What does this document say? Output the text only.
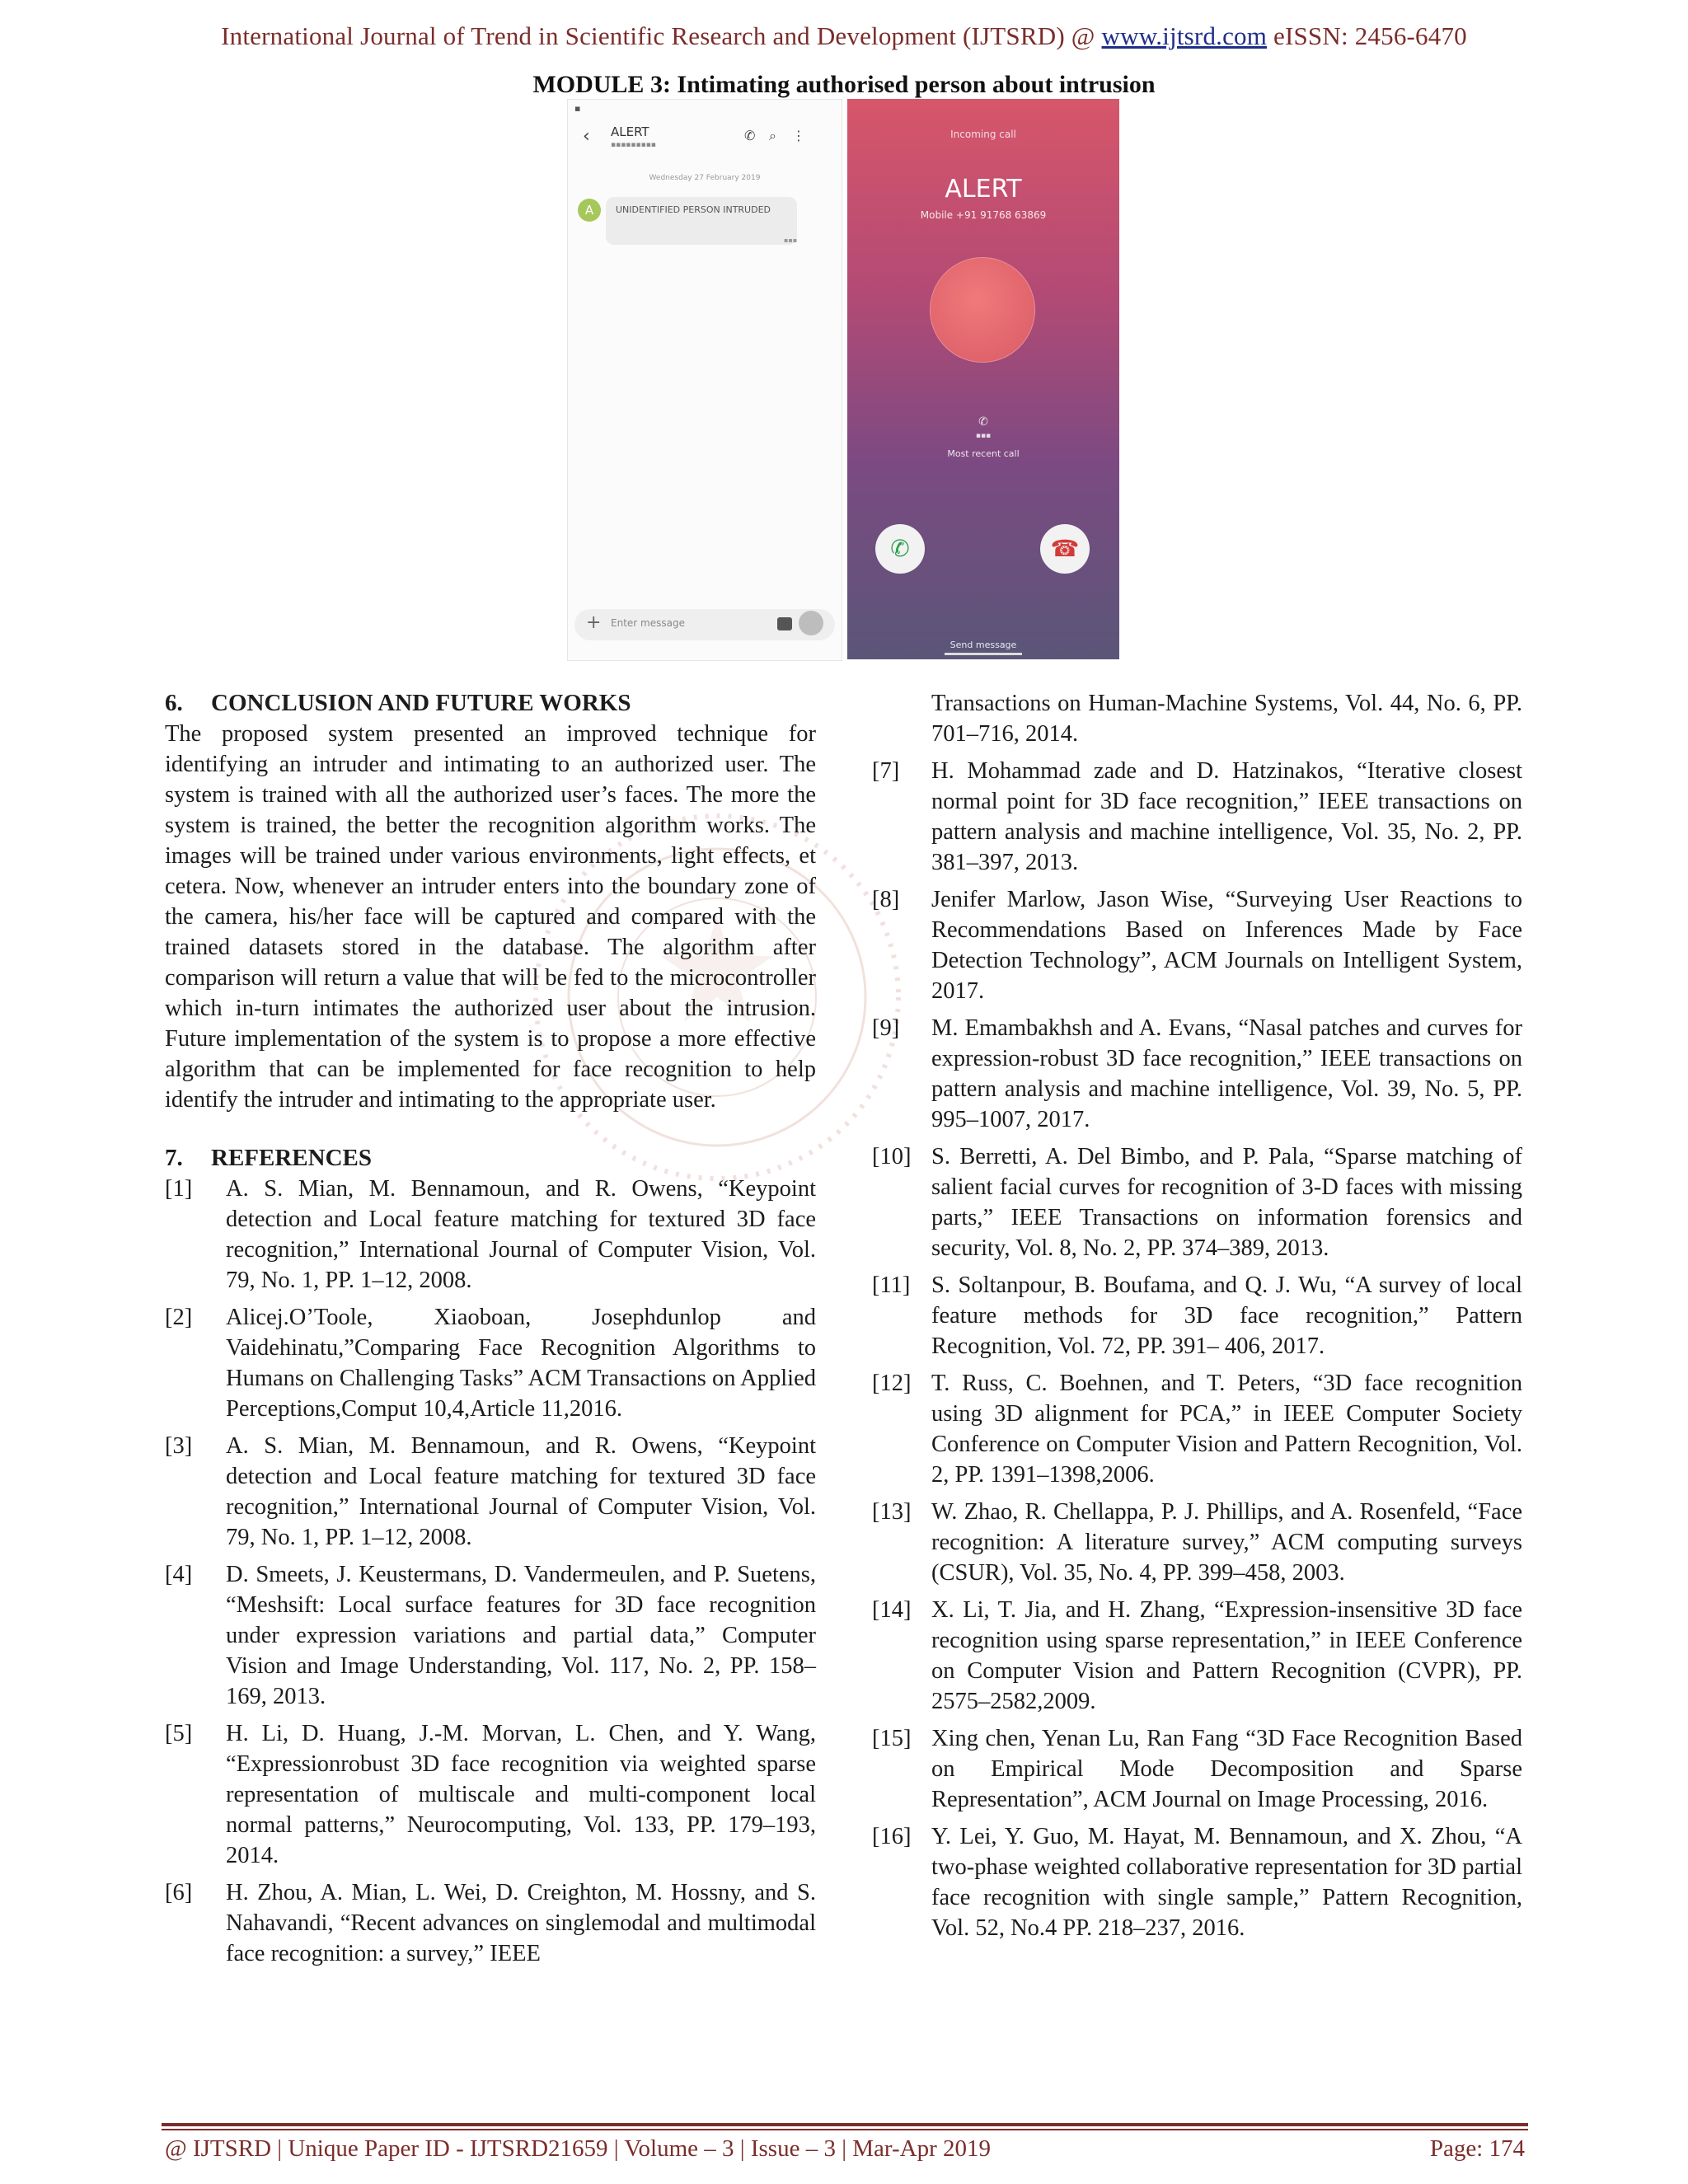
International Journal of Trend in Scientific Research and Development (IJTSRD) @ www.ijtsrd.com eISSN: 2456-6470
MODULE 3: Intimating authorised person about intrusion
▪
‹ ALERT
▪▪▪▪▪▪▪▪▪
✆ ⌕ ⋮
Wednesday 27 February 2019
A	UNIDENTIFIED PERSON INTRUDED
▪▪▪
+ Enter message
Incoming call
ALERT
Mobile +91 91768 63869
✆
▪▪▪
Most recent call
✆	☎
Send message

6. CONCLUSION AND FUTURE WORKS

The proposed system presented an improved technique for identifying an intruder and intimating to an authorized user. The system is trained with all the authorized user’s faces. The more the system is trained, the better the recognition algorithm works. The images will be trained under various environments, light effects, et cetera. Now, whenever an intruder enters into the boundary zone of the camera, his/her face will be captured and compared with the trained datasets stored in the database. The algorithm after comparison will return a value that will be fed to the microcontroller which in-turn intimates the authorized user about the intrusion. Future implementation of the system is to propose a more effective algorithm that can be implemented for face recognition to help identify the intruder and intimating to the appropriate user.

7. REFERENCES

[1] A. S. Mian, M. Bennamoun, and R. Owens, “Keypoint detection and Local feature matching for textured 3D face recognition,” International Journal of Computer Vision, Vol. 79, No. 1, PP. 1–12, 2008.
[2] Alicej.O’Toole, Xiaoboan, Josephdunlop and Vaidehinatu,”Comparing Face Recognition Algorithms to Humans on Challenging Tasks” ACM Transactions on Applied Perceptions,Comput 10,4,Article 11,2016.
[3] A. S. Mian, M. Bennamoun, and R. Owens, “Keypoint detection and Local feature matching for textured 3D face recognition,” International Journal of Computer Vision, Vol. 79, No. 1, PP. 1–12, 2008.
[4] D. Smeets, J. Keustermans, D. Vandermeulen, and P. Suetens, “Meshsift: Local surface features for 3D face recognition under expression variations and partial data,” Computer Vision and Image Understanding, Vol. 117, No. 2, PP. 158–169, 2013.
[5] H. Li, D. Huang, J.-M. Morvan, L. Chen, and Y. Wang, “Expressionrobust 3D face recognition via weighted sparse representation of multiscale and multi-component local normal patterns,” Neurocomputing, Vol. 133, PP. 179–193, 2014.
[6] H. Zhou, A. Mian, L. Wei, D. Creighton, M. Hossny, and S. Nahavandi, “Recent advances on singlemodal and multimodal face recognition: a survey,” IEEE
Transactions on Human-Machine Systems, Vol. 44, No. 6, PP. 701–716, 2014.
[7] H. Mohammad zade and D. Hatzinakos, “Iterative closest normal point for 3D face recognition,” IEEE transactions on pattern analysis and machine intelligence, Vol. 35, No. 2, PP. 381–397, 2013.
[8] Jenifer Marlow, Jason Wise, “Surveying User Reactions to Recommendations Based on Inferences Made by Face Detection Technology”, ACM Journals on Intelligent System, 2017.
[9] M. Emambakhsh and A. Evans, “Nasal patches and curves for expression-robust 3D face recognition,” IEEE transactions on pattern analysis and machine intelligence, Vol. 39, No. 5, PP. 995–1007, 2017.
[10] S. Berretti, A. Del Bimbo, and P. Pala, “Sparse matching of salient facial curves for recognition of 3-D faces with missing parts,” IEEE Transactions on information forensics and security, Vol. 8, No. 2, PP. 374–389, 2013.
[11] S. Soltanpour, B. Boufama, and Q. J. Wu, “A survey of local feature methods for 3D face recognition,” Pattern Recognition, Vol. 72, PP. 391– 406, 2017.
[12] T. Russ, C. Boehnen, and T. Peters, “3D face recognition using 3D alignment for PCA,” in IEEE Computer Society Conference on Computer Vision and Pattern Recognition, Vol. 2, PP. 1391–1398,2006.
[13] W. Zhao, R. Chellappa, P. J. Phillips, and A. Rosenfeld, “Face recognition: A literature survey,” ACM computing surveys (CSUR), Vol. 35, No. 4, PP. 399–458, 2003.
[14] X. Li, T. Jia, and H. Zhang, “Expression-insensitive 3D face recognition using sparse representation,” in IEEE Conference on Computer Vision and Pattern Recognition (CVPR), PP. 2575–2582,2009.
[15] Xing chen, Yenan Lu, Ran Fang “3D Face Recognition Based on Empirical Mode Decomposition and Sparse Representation”, ACM Journal on Image Processing, 2016.
[16] Y. Lei, Y. Guo, M. Hayat, M. Bennamoun, and X. Zhou, “A two-phase weighted collaborative representation for 3D partial face recognition with single sample,” Pattern Recognition, Vol. 52, No.4 PP. 218–237, 2016.
@ IJTSRD | Unique Paper ID - IJTSRD21659 | Volume – 3 | Issue – 3 | Mar-Apr 2019	Page: 174
